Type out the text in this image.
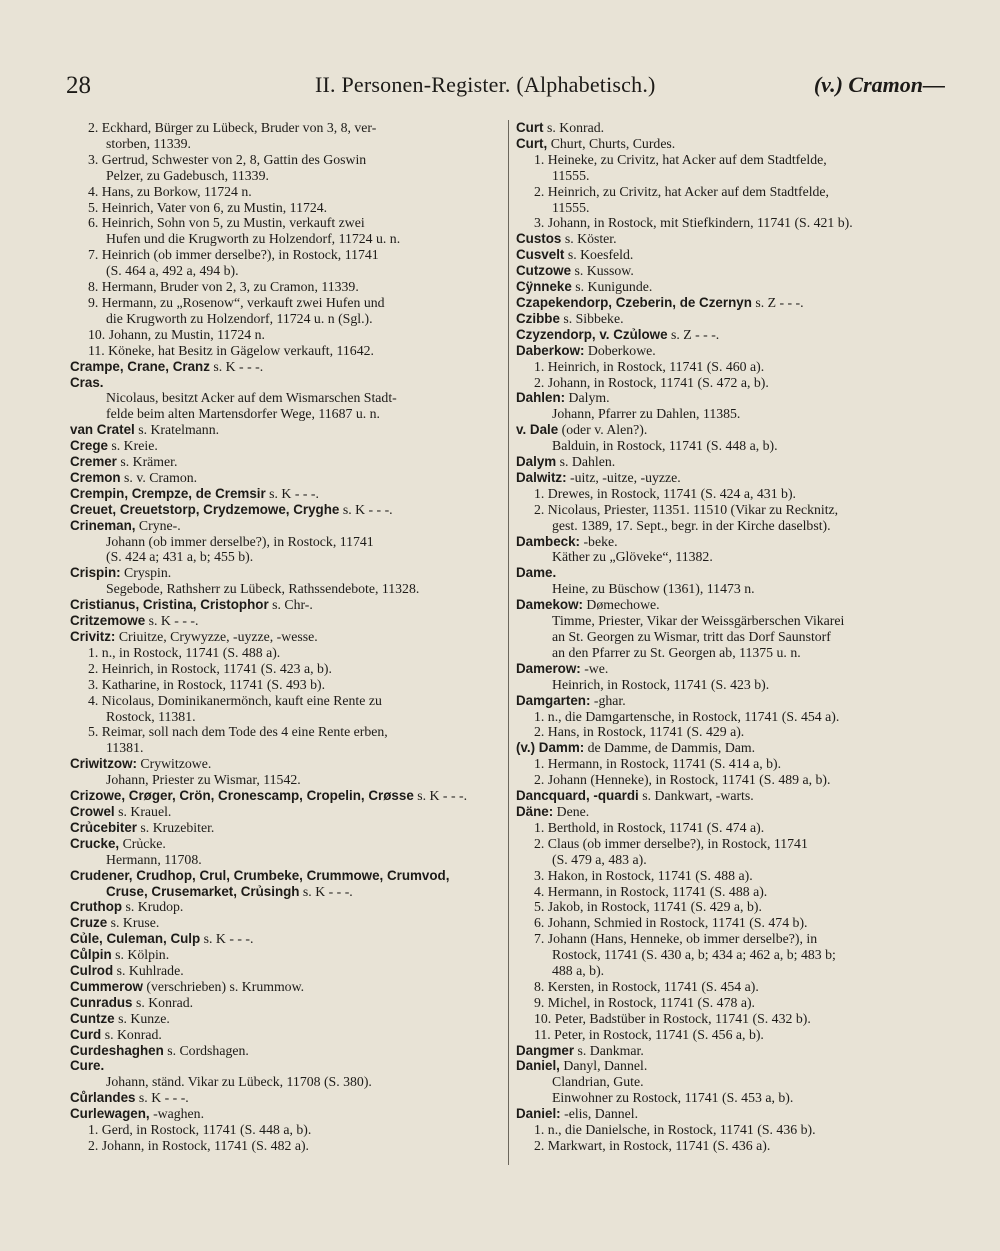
28	II. Personen-Register. (Alphabetisch.)	(v.) Cramon—
2. Eckhard, Bürger zu Lübeck, Bruder von 3, 8, ver-
storben, 11339.
3. Gertrud, Schwester von 2, 8, Gattin des Goswin
Pelzer, zu Gadebusch, 11339.
4. Hans, zu Borkow, 11724 n.
5. Heinrich, Vater von 6, zu Mustin, 11724.
6. Heinrich, Sohn von 5, zu Mustin, verkauft zwei
Hufen und die Krugworth zu Holzendorf, 11724 u. n.
7. Heinrich (ob immer derselbe?), in Rostock, 11741
(S. 464 a, 492 a, 494 b).
8. Hermann, Bruder von 2, 3, zu Cramon, 11339.
9. Hermann, zu „Rosenow“, verkauft zwei Hufen und
die Krugworth zu Holzendorf, 11724 u. n (Sgl.).
10. Johann, zu Mustin, 11724 n.
11. Köneke, hat Besitz in Gägelow verkauft, 11642.
Crampe, Crane, Cranz s. K - - -.
Cras.
Nicolaus, besitzt Acker auf dem Wismarschen Stadt-
felde beim alten Martensdorfer Wege, 11687 u. n.
van Cratel s. Kratelmann.
Crege s. Kreie.
Cremer s. Krämer.
Cremon s. v. Cramon.
Crempin, Crempze, de Cremsir s. K - - -.
Creuet, Creuetstorp, Crydzemowe, Cryghe s. K - - -.
Crineman, Cryne-.
Johann (ob immer derselbe?), in Rostock, 11741
(S. 424 a; 431 a, b; 455 b).
Crispin: Cryspin.
Segebode, Rathsherr zu Lübeck, Rathssendebote, 11328.
Cristianus, Cristina, Cristophor s. Chr-.
Critzemowe s. K - - -.
Crivitz: Criuitze, Crywyzze, -uyzze, -wesse.
1. n., in Rostock, 11741 (S. 488 a).
2. Heinrich, in Rostock, 11741 (S. 423 a, b).
3. Katharine, in Rostock, 11741 (S. 493 b).
4. Nicolaus, Dominikanermönch, kauft eine Rente zu
Rostock, 11381.
5. Reimar, soll nach dem Tode des 4 eine Rente erben,
11381.
Criwitzow: Crywitzowe.
Johann, Priester zu Wismar, 11542.
Crizowe, Crøger, Crön, Cronescamp, Cropelin, Crøsse s. K - - -.
Crowel s. Krauel.
Crủcebiter s. Kruzebiter.
Crucke, Crủcke.
Hermann, 11708.
Crudener, Crudhop, Crul, Crumbeke, Crummowe, Crumvod,
Cruse, Crusemarket, Crủsingh s. K - - -.
Cruthop s. Krudop.
Cruze s. Kruse.
Củle, Culeman, Culp s. K - - -.
Cůlpin s. Kölpin.
Culrod s. Kuhlrade.
Cummerow (verschrieben) s. Krummow.
Cunradus s. Konrad.
Cuntze s. Kunze.
Curd s. Konrad.
Curdeshaghen s. Cordshagen.
Cure.
Johann, ständ. Vikar zu Lübeck, 11708 (S. 380).
Cůrlandes s. K - - -.
Curlewagen, -waghen.
1. Gerd, in Rostock, 11741 (S. 448 a, b).
2. Johann, in Rostock, 11741 (S. 482 a).
Curt s. Konrad.
Curt, Churt, Churts, Curdes.
1. Heineke, zu Crivitz, hat Acker auf dem Stadtfelde,
11555.
2. Heinrich, zu Crivitz, hat Acker auf dem Stadtfelde,
11555.
3. Johann, in Rostock, mit Stiefkindern, 11741 (S. 421 b).
Custos s. Köster.
Cusvelt s. Koesfeld.
Cutzowe s. Kussow.
Cÿnneke s. Kunigunde.
Czapekendorp, Czeberin, de Czernyn s. Z - - -.
Czibbe s. Sibbeke.
Czyzendorp, v. Czủlowe s. Z - - -.
Daberkow: Doberkowe.
1. Heinrich, in Rostock, 11741 (S. 460 a).
2. Johann, in Rostock, 11741 (S. 472 a, b).
Dahlen: Dalym.
Johann, Pfarrer zu Dahlen, 11385.
v. Dale (oder v. Alen?).
Balduin, in Rostock, 11741 (S. 448 a, b).
Dalym s. Dahlen.
Dalwitz: -uitz, -uitze, -uyzze.
1. Drewes, in Rostock, 11741 (S. 424 a, 431 b).
2. Nicolaus, Priester, 11351. 11510 (Vikar zu Recknitz,
gest. 1389, 17. Sept., begr. in der Kirche daselbst).
Dambeck: -beke.
Käther zu „Glöveke“, 11382.
Dame.
Heine, zu Büschow (1361), 11473 n.
Damekow: Dømechowe.
Timme, Priester, Vikar der Weissgärberschen Vikarei
an St. Georgen zu Wismar, tritt das Dorf Saunstorf
an den Pfarrer zu St. Georgen ab, 11375 u. n.
Damerow: -we.
Heinrich, in Rostock, 11741 (S. 423 b).
Damgarten: -ghar.
1. n., die Damgartensche, in Rostock, 11741 (S. 454 a).
2. Hans, in Rostock, 11741 (S. 429 a).
(v.) Damm: de Damme, de Dammis, Dam.
1. Hermann, in Rostock, 11741 (S. 414 a, b).
2. Johann (Henneke), in Rostock, 11741 (S. 489 a, b).
Dancquard, -quardi s. Dankwart, -warts.
Däne: Dene.
1. Berthold, in Rostock, 11741 (S. 474 a).
2. Claus (ob immer derselbe?), in Rostock, 11741
(S. 479 a, 483 a).
3. Hakon, in Rostock, 11741 (S. 488 a).
4. Hermann, in Rostock, 11741 (S. 488 a).
5. Jakob, in Rostock, 11741 (S. 429 a, b).
6. Johann, Schmied in Rostock, 11741 (S. 474 b).
7. Johann (Hans, Henneke, ob immer derselbe?), in
Rostock, 11741 (S. 430 a, b; 434 a; 462 a, b; 483 b;
488 a, b).
8. Kersten, in Rostock, 11741 (S. 454 a).
9. Michel, in Rostock, 11741 (S. 478 a).
10. Peter, Badstüber in Rostock, 11741 (S. 432 b).
11. Peter, in Rostock, 11741 (S. 456 a, b).
Dangmer s. Dankmar.
Daniel, Danyl, Dannel.
Clandrian, Gute.
Einwohner zu Rostock, 11741 (S. 453 a, b).
Daniel: -elis, Dannel.
1. n., die Danielsche, in Rostock, 11741 (S. 436 b).
2. Markwart, in Rostock, 11741 (S. 436 a).
